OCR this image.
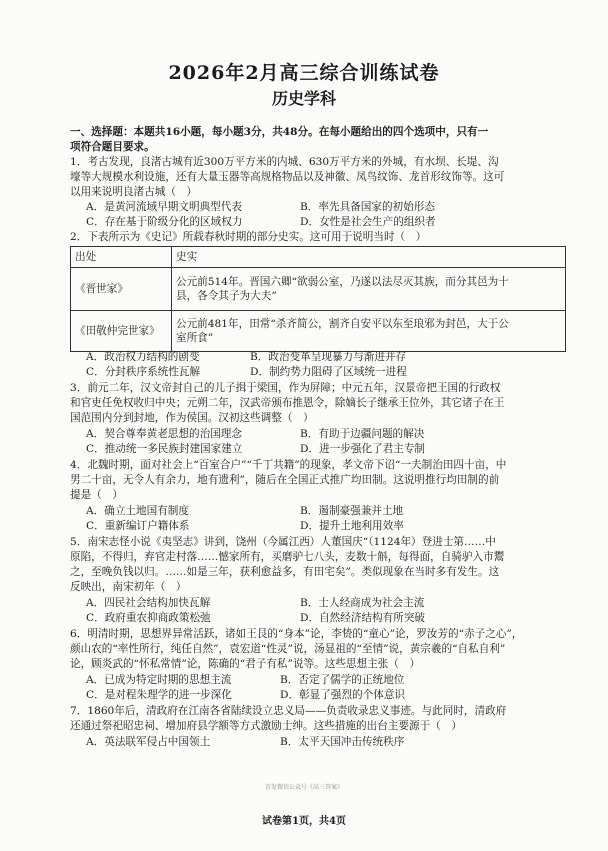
2026年2月高三综合训练试卷
历史学科
一、选择题：本题共16小题，每小题3分，共48分。在每小题给出的四个选项中，只有一
项符合题目要求。
1．考古发现，良渚古城有近300万平方米的内城、630万平方米的外城，有水坝、长堤、沟
壕等大规模水利设施，还有大量玉器等高规格物品以及神徽、凤鸟纹饰、龙首形纹饰等。这可
以用来说明良渚古城（　）
A．是黄河流域早期文明典型代表	B．率先具备国家的初始形态
C．存在基于阶级分化的区域权力	D．女性是社会生产的组织者
2．下表所示为《史记》所载春秋时期的部分史实。这可用于说明当时（　）
出处	史实
《晋世家》	公元前514年。晋国六卿“欲弱公室，乃遂以法尽灭其族，而分其邑为十
县，各令其子为大夫”

《田敬仲完世家》	公元前481年，田常“杀齐简公，割齐自安平以东至琅邪为封邑，大于公
室所食”
A．政治权力结构的剧变	B．政治变革呈现暴力与渐进并存
C．分封秩序系统性瓦解	D．制约势力阻碍了区域统一进程
3．前元二年，汉文帝封自己的儿子揖于梁国，作为屏障；中元五年，汉景帝把王国的行政权
和官吏任免权收归中央；元朔二年，汉武帝颁布推恩令，除嫡长子继承王位外，其它诸子在王
国范围内分到封地，作为侯国。汉初这些调整（　）
A．契合尊奉黄老思想的治国理念	B．有助于边疆问题的解决
C．推动统一多民族封建国家建立	D．进一步强化了君主专制
4．北魏时期，面对社会上“百室合户”“千丁共籍”的现象，孝文帝下诏“一夫制治田四十亩，中
男二十亩，无令人有余力，地有遗利”，随后在全国正式推广均田制。这说明推行均田制的前
提是（　）
A．确立土地国有制度	B．遏制豪强兼并土地
C．重新编订户籍体系	D．提升土地利用效率
5．南宋志怪小说《夷坚志》讲到，饶州（今属江西）人董国庆“（1124年）登进士第……中
原陷，不得归，弃官走村落……憾家所有，买磨驴七八头，麦数十斛，每得面，自骑驴入市鬻
之，至晚负钱以归。……如是三年，获利愈益多，有田宅矣”。类似现象在当时多有发生。这
反映出，南宋初年（　）
A．四民社会结构加快瓦解	B．士人经商成为社会主流
C．政府重农抑商政策松弛	D．自然经济结构有所突破
6．明清时期，思想界异常活跃，诸如王艮的“身本”论，李贽的“童心”论，罗汝芳的“赤子之心”，
颜山农的“率性所行，纯任自然”，袁宏道“性灵”说，汤显祖的“至情”说，黄宗羲的“自私自利”
论，顾炎武的“怀私常情”论，陈确的“君子有私”说等。这些思想主张（　）
A．已成为特定时期的思想主流	B．否定了儒学的正统地位
C．是对程朱理学的进一步深化	D．彰显了强烈的个体意识
7．1860年后，清政府在江南各省陆续设立忠义局——负责收录忠义事迹。与此同时，清政府
还通过祭祀昭忠祠、增加府县学额等方式激励士绅。这些措施的出台主要源于（　）
A．英法联军侵占中国领土	B．太平天国冲击传统秩序
首发微信公众号《高三答案》
试卷第1页，共4页
